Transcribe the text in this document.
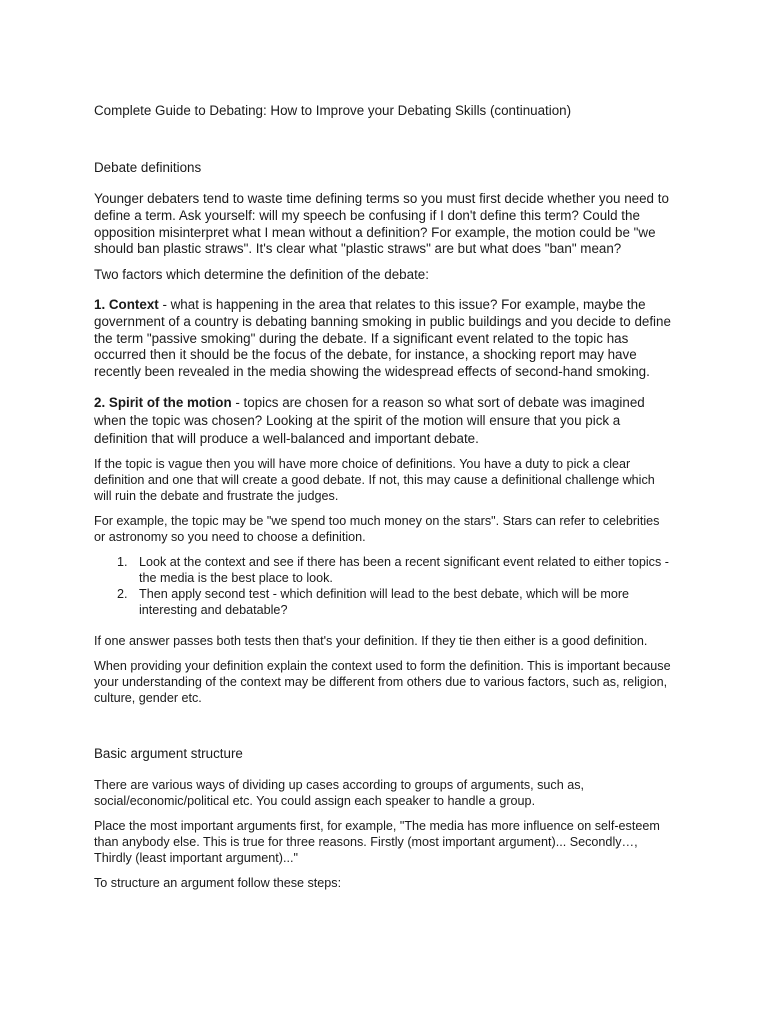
Complete Guide to Debating: How to Improve your Debating Skills (continuation)

Debate definitions

Younger debaters tend to waste time defining terms so you must first decide whether you need to define a term. Ask yourself: will my speech be confusing if I don't define this term? Could the opposition misinterpret what I mean without a definition? For example, the motion could be "we should ban plastic straws". It's clear what "plastic straws" are but what does "ban" mean?

Two factors which determine the definition of the debate:

1. Context - what is happening in the area that relates to this issue? For example, maybe the government of a country is debating banning smoking in public buildings and you decide to define the term "passive smoking" during the debate. If a significant event related to the topic has occurred then it should be the focus of the debate, for instance, a shocking report may have recently been revealed in the media showing the widespread effects of second-hand smoking.

2. Spirit of the motion - topics are chosen for a reason so what sort of debate was imagined when the topic was chosen? Looking at the spirit of the motion will ensure that you pick a definition that will produce a well-balanced and important debate.

If the topic is vague then you will have more choice of definitions. You have a duty to pick a clear definition and one that will create a good debate. If not, this may cause a definitional challenge which will ruin the debate and frustrate the judges.

For example, the topic may be "we spend too much money on the stars". Stars can refer to celebrities or astronomy so you need to choose a definition.

1. Look at the context and see if there has been a recent significant event related to either topics - the media is the best place to look.
2. Then apply second test - which definition will lead to the best debate, which will be more interesting and debatable?

If one answer passes both tests then that's your definition. If they tie then either is a good definition.

When providing your definition explain the context used to form the definition. This is important because your understanding of the context may be different from others due to various factors, such as, religion, culture, gender etc.

Basic argument structure

There are various ways of dividing up cases according to groups of arguments, such as, social/economic/political etc. You could assign each speaker to handle a group.

Place the most important arguments first, for example, "The media has more influence on self-esteem than anybody else. This is true for three reasons. Firstly (most important argument)... Secondly…, Thirdly (least important argument)..."

To structure an argument follow these steps:
